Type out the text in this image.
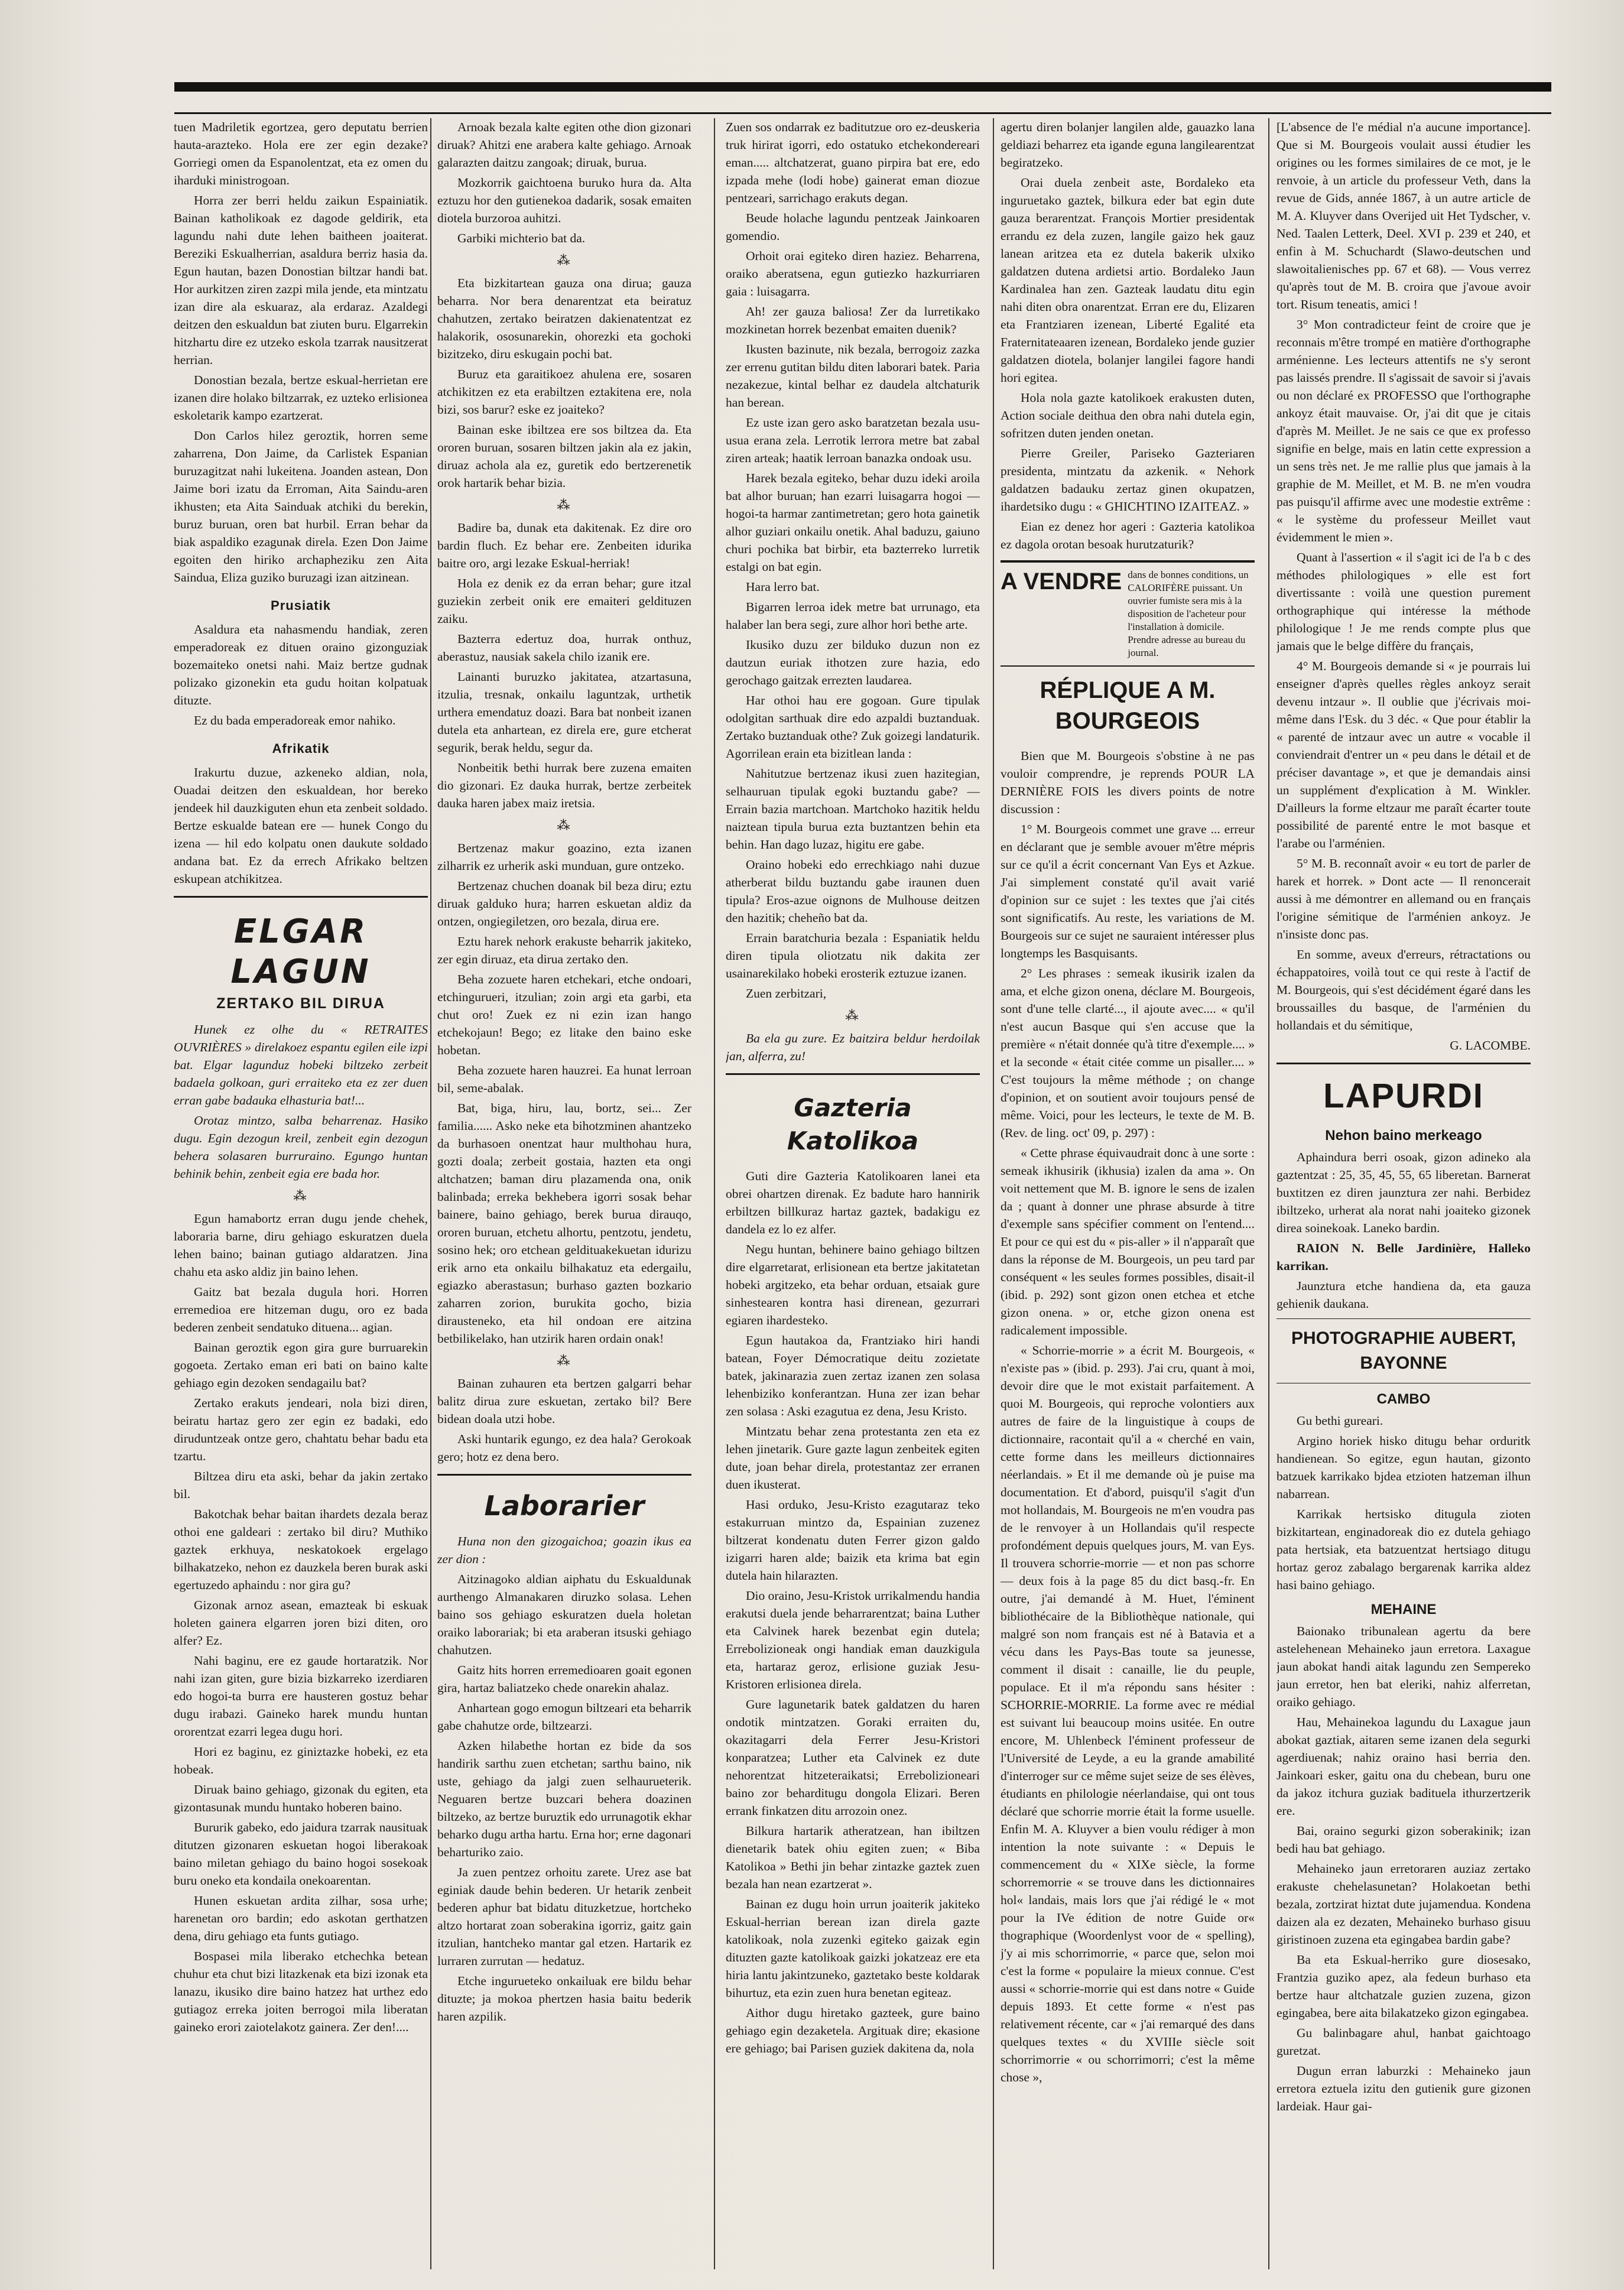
tuen Madriletik egortzea, gero deputatu berrien hauta-arazteko. Hola ere zer egin dezake? Gorriegi omen da Espanolentzat, eta ez omen du iharduki ministrogoan.

Horra zer berri heldu zaikun Espainiatik. Bainan katholikoak ez dagode geldirik, eta lagundu nahi dute lehen baitheen joaiterat. Bereziki Eskualherrian, asaldura berriz hasia da. Egun hautan, bazen Donostian biltzar handi bat. Hor aurkitzen ziren zazpi mila jende, eta mintzatu izan dire ala eskuaraz, ala erdaraz. Azaldegi deitzen den eskualdun bat ziuten buru. Elgarrekin hitzhartu dire ez utzeko eskola tzarrak nausitzerat herrian.

Donostian bezala, bertze eskual-herrietan ere izanen dire holako biltzarrak, ez uzteko erlisionea eskoletarik kampo ezartzerat.

Don Carlos hilez geroztik, horren seme zaharrena, Don Jaime, da Carlistek Espanian buruzagitzat nahi lukeitena. Joanden astean, Don Jaime bori izatu da Erroman, Aita Saindu-aren ikhusten; eta Aita Sainduak atchiki du berekin, buruz buruan, oren bat hurbil. Erran behar da biak aspaldiko ezagunak direla. Ezen Don Jaime egoiten den hiriko archapheziku zen Aita Saindua, Eliza guziko buruzagi izan aitzinean.

Prusiatik

Asaldura eta nahasmendu handiak, zeren emperadoreak ez dituen oraino gizonguziak bozemaiteko onetsi nahi. Maiz bertze gudnak polizako gizonekin eta gudu hoitan kolpatuak dituzte.

Ez du bada emperadoreak emor nahiko.

Afrikatik

Irakurtu duzue, azkeneko aldian, nola, Ouadai deitzen den eskualdean, hor bereko jendeek hil dauzkiguten ehun eta zenbeit soldado. Bertze eskualde batean ere — hunek Congo du izena — hil edo kolpatu onen daukute soldado andana bat. Ez da errech Afrikako beltzen eskupean atchikitzea.

ELGAR LAGUN
ZERTAKO BIL DIRUA

Hunek ez olhe du « RETRAITES OUVRIÈRES » direlakoez espantu egilen eile izpi bat. Elgar lagunduz hobeki biltzeko zerbeit badaela golkoan, guri erraiteko eta ez zer duen erran gabe badauka elhasturia bat!...

Orotaz mintzo, salba beharrenaz. Hasiko dugu. Egin dezogun kreil, zenbeit egin dezogun behera solasaren burruraino. Egungo huntan behinik behin, zenbeit egia ere bada hor.

⁂

Egun hamabortz erran dugu jende chehek, laboraria barne, diru gehiago eskuratzen duela lehen baino; bainan gutiago aldaratzen. Jina chahu eta asko aldiz jin baino lehen.

Gaitz bat bezala dugula hori. Horren erremedioa ere hitzeman dugu, oro ez bada bederen zenbeit sendatuko dituena... agian.

Bainan geroztik egon gira gure burruarekin gogoeta. Zertako eman eri bati on baino kalte gehiago egin dezoken sendagailu bat?

Zertako erakuts jendeari, nola bizi diren, beiratu hartaz gero zer egin ez badaki, edo diruduntzeak ontze gero, chahtatu behar badu eta tzartu.

Biltzea diru eta aski, behar da jakin zertako bil.

Bakotchak behar baitan ihardets dezala beraz othoi ene galdeari : zertako bil diru? Muthiko gaztek erkhuya, neskatokoek ergelago bilhakatzeko, nehon ez dauzkela beren burak aski egertuzedo aphaindu : nor gira gu?

Gizonak arnoz asean, emazteak bi eskuak holeten gainera elgarren joren bizi diten, oro alfer? Ez.

Nahi baginu, ere ez gaude hortaratzik. Nor nahi izan giten, gure bizia bizkarreko izerdiaren edo hogoi-ta burra ere hausteren gostuz behar dugu irabazi. Gaineko harek mundu huntan ororentzat ezarri legea dugu hori.

Hori ez baginu, ez giniztazke hobeki, ez eta hobeak.

Diruak baino gehiago, gizonak du egiten, eta gizontasunak mundu huntako hoberen baino.

Bururik gabeko, edo jaidura tzarrak nausituak ditutzen gizonaren eskuetan hogoi liberakoak baino miletan gehiago du baino hogoi sosekoak buru oneko eta kondaila onekoarentan.

Hunen eskuetan ardita zilhar, sosa urhe; harenetan oro bardin; edo askotan gerthatzen dena, diru gehiago eta funts gutiago.

Bospasei mila liberako etchechka betean chuhur eta chut bizi litazkenak eta bizi izonak eta lanazu, ikusiko dire baino hatzez hat urthez edo gutiagoz erreka joiten berrogoi mila liberatan gaineko erori zaiotelakotz gainera. Zer den!....

Arnoak bezala kalte egiten othe dion gizonari diruak? Ahitzi ene arabera kalte gehiago. Arnoak galarazten daitzu zangoak; diruak, burua.

Mozkorrik gaichtoena buruko hura da. Alta eztuzu hor den gutienekoa dadarik, sosak emaiten diotela burzoroa auhitzi.

Garbiki michterio bat da.

⁂

Eta bizkitartean gauza ona dirua; gauza beharra. Nor bera denarentzat eta beiratuz chahutzen, zertako beiratzen dakienatentzat ez halakorik, ososunarekin, ohorezki eta gochoki bizitzeko, diru eskugain pochi bat.

Buruz eta garaitikoez ahulena ere, sosaren atchikitzen ez eta erabiltzen eztakitena ere, nola bizi, sos barur? eske ez joaiteko?

Bainan eske ibiltzea ere sos biltzea da. Eta ororen buruan, sosaren biltzen jakin ala ez jakin, diruaz achola ala ez, guretik edo bertzerenetik orok hartarik behar bizia.

⁂

Badire ba, dunak eta dakitenak. Ez dire oro bardin fluch. Ez behar ere. Zenbeiten idurika baitre oro, argi lezake Eskual-herriak!

Hola ez denik ez da erran behar; gure itzal guziekin zerbeit onik ere emaiteri geldituzen zaiku.

Bazterra edertuz doa, hurrak onthuz, aberastuz, nausiak sakela chilo izanik ere.

Lainanti buruzko jakitatea, atzartasuna, itzulia, tresnak, onkailu laguntzak, urthetik urthera emendatuz doazi. Bara bat nonbeit izanen dutela eta anhartean, ez direla ere, gure etcherat segurik, berak heldu, segur da.

Nonbeitik bethi hurrak bere zuzena emaiten dio gizonari. Ez dauka hurrak, bertze zerbeitek dauka haren jabex maiz iretsia.

⁂

Bertzenaz makur goazino, ezta izanen zilharrik ez urherik aski munduan, gure ontzeko.

Bertzenaz chuchen doanak bil beza diru; eztu diruak galduko hura; harren eskuetan aldiz da ontzen, ongiegiletzen, oro bezala, dirua ere.

Eztu harek nehork erakuste beharrik jakiteko, zer egin diruaz, eta dirua zertako den.

Beha zozuete haren etchekari, etche ondoari, etchingurueri, itzulian; zoin argi eta garbi, eta chut oro! Zuek ez ni ezin izan hango etchekojaun! Bego; ez litake den baino eske hobetan.

Beha zozuete haren hauzrei. Ea hunat lerroan bil, seme-abalak.

Bat, biga, hiru, lau, bortz, sei... Zer familia...... Asko neke eta bihotzminen ahantzeko da burhasoen onentzat haur multhohau hura, gozti doala; zerbeit gostaia, hazten eta ongi altchatzen; baman diru plazamenda ona, onik balinbada; erreka bekhebera igorri sosak behar bainere, baino gehiago, berek burua dirauqo, ororen buruan, etchetu alhortu, pentzotu, jendetu, sosino hek; oro etchean geldituakekuetan idurizu erik arno eta onkailu bilhakatuz eta edergailu, egiazko aberastasun; burhaso gazten bozkario zaharren zorion, burukita gocho, bizia dirausteneko, eta hil ondoan ere aitzina betbilikelako, han utzirik haren ordain onak!

⁂

Bainan zuhauren eta bertzen galgarri behar balitz dirua zure eskuetan, zertako bil? Bere bidean doala utzi hobe.

Aski huntarik egungo, ez dea hala? Gerokoak gero; hotz ez dena bero.

Laborarier

Huna non den gizogaichoa; goazin ikus ea zer dion :

Aitzinagoko aldian aiphatu du Eskualdunak aurthengo Almanakaren diruzko solasa. Lehen baino sos gehiago eskuratzen duela holetan oraiko laborariak; bi eta araberan itsuski gehiago chahutzen.

Gaitz hits horren erremedioaren goait egonen gira, hartaz baliatzeko chede onarekin ahalaz.

Anhartean gogo emogun biltzeari eta beharrik gabe chahutze orde, biltzearzi.

Azken hilabethe hortan ez bide da sos handirik sarthu zuen etchetan; sarthu baino, nik uste, gehiago da jalgi zuen selhaurueterik. Neguaren bertze buzcari behera doazinen biltzeko, az bertze buruztik edo urrunagotik ekhar beharko dugu artha hartu. Erna hor; erne dagonari beharturiko zaio.

Ja zuen pentzez orhoitu zarete. Urez ase bat eginiak daude behin bederen. Ur hetarik zenbeit bederen aphur bat bidatu dituzketzue, hortcheko altzo hortarat zoan soberakina igorriz, gaitz gain itzulian, hantcheko mantar gal etzen. Hartarik ez lurraren zurrutan — hedatuz.

Etche ingurueteko onkailuak ere bildu behar dituzte; ja mokoa phertzen hasia baitu bederik haren azpilik.

Zuen sos ondarrak ez baditutzue oro ez-deuskeria truk hirirat igorri, edo ostatuko etchekondereari eman..... altchatzerat, guano pirpira bat ere, edo izpada mehe (lodi hobe) gainerat eman diozue pentzeari, sarrichago erakuts degan.

Beude holache lagundu pentzeak Jainkoaren gomendio.

Orhoit orai egiteko diren haziez. Beharrena, oraiko aberatsena, egun gutiezko hazkurriaren gaia : luisagarra.

Ah! zer gauza baliosa! Zer da lurretikako mozkinetan horrek bezenbat emaiten duenik?

Ikusten bazinute, nik bezala, berrogoiz zazka zer errenu gutitan bildu diten laborari batek. Paria nezakezue, kintal belhar ez daudela altchaturik han berean.

Ez uste izan gero asko baratzetan bezala usu-usua erana zela. Lerrotik lerrora metre bat zabal ziren arteak; haatik lerroan banazka ondoak usu.

Harek bezala egiteko, behar duzu ideki aroila bat alhor buruan; han ezarri luisagarra hogoi — hogoi-ta harmar zantimetretan; gero hota gainetik alhor guziari onkailu onetik. Ahal baduzu, gaiuno churi pochika bat birbir, eta bazterreko lurretik estalgi on bat egin.

Hara lerro bat.

Bigarren lerroa idek metre bat urrunago, eta halaber lan bera segi, zure alhor hori bethe arte.

Ikusiko duzu zer bilduko duzun non ez dautzun euriak ithotzen zure hazia, edo gerochago gaitzak errezten laudarea.

Har othoi hau ere gogoan. Gure tipulak odolgitan sarthuak dire edo azpaldi buztanduak. Zertako buztanduak othe? Zuk goizegi landaturik. Agorrilean erain eta bizitlean landa :

Nahitutzue bertzenaz ikusi zuen hazitegian, selhauruan tipulak egoki buztandu gabe? — Errain bazia martchoan. Martchoko hazitik heldu naiztean tipula burua ezta buztantzen behin eta behin. Han dago luzaz, higitu ere gabe.

Oraino hobeki edo errechkiago nahi duzue atherberat bildu buztandu gabe iraunen duen tipula? Eros-azue oignons de Mulhouse deitzen den hazitik; cheheño bat da.

Errain baratchuria bezala : Espaniatik heldu diren tipula oliotzatu nik dakita zer usainarekilako hobeki erosterik eztuzue izanen.

Zuen zerbitzari,

⁂

Ba ela gu zure. Ez baitzira beldur herdoilak jan, alferra, zu!

Gazteria Katolikoa

Guti dire Gazteria Katolikoaren lanei eta obrei ohartzen direnak. Ez badute haro hannirik erbiltzen billkuraz hartaz gaztek, badakigu ez dandela ez lo ez alfer.

Negu huntan, behinere baino gehiago biltzen dire elgarretarat, erlisionean eta bertze jakitatetan hobeki argitzeko, eta behar orduan, etsaiak gure sinhestearen kontra hasi direnean, gezurrari egiaren ihardesteko.

Egun hautakoa da, Frantziako hiri handi batean, Foyer Démocratique deitu zozietate batek, jakinarazia zuen zertaz izanen zen solasa lehenbiziko konferantzan. Huna zer izan behar zen solasa : Aski ezagutua ez dena, Jesu Kristo.

Mintzatu behar zena protestanta zen eta ez lehen jinetarik. Gure gazte lagun zenbeitek egiten dute, joan behar direla, protestantaz zer erranen duen ikusterat.

Hasi orduko, Jesu-Kristo ezagutaraz teko estakurruan mintzo da, Espainian zuzenez biltzerat kondenatu duten Ferrer gizon galdo izigarri haren alde; baizik eta krima bat egin dutela hain hilarazten.

Dio oraino, Jesu-Kristok urrikalmendu handia erakutsi duela jende beharrarentzat; baina Luther eta Calvinek harek bezenbat egin dutela; Errebolizioneak ongi handiak eman dauzkigula eta, hartaraz geroz, erlisione guziak Jesu-Kristoren erlisionea direla.

Gure lagunetarik batek galdatzen du haren ondotik mintzatzen. Goraki erraiten du, okazitagarri dela Ferrer Jesu-Kristori konparatzea; Luther eta Calvinek ez dute nehorentzat hitzeteraikatsi; Errebolizioneari baino zor beharditugu dongola Elizari. Beren errank finkatzen ditu arrozoin onez.

Bilkura hartarik atheratzean, han ibiltzen dienetarik batek ohiu egiten zuen; « Biba Katolikoa » Bethi jin behar zintazke gaztek zuen bezala han nean ezartzerat ».

Bainan ez dugu hoin urrun joaiterik jakiteko Eskual-herrian berean izan direla gazte katolikoak, nola zuzenki egiteko gaizak egin dituzten gazte katolikoak gaizki jokatzeaz ere eta hiria lantu jakintzuneko, gaztetako beste koldarak bihurtuz, eta ezin zuen hura benetan egiteaz.

Aithor dugu hiretako gazteek, gure baino gehiago egin dezaketela. Argituak dire; ekasione ere gehiago; bai Parisen guziek dakitena da, nola

agertu diren bolanjer langilen alde, gauazko lana geldiazi beharrez eta igande eguna langilearentzat begiratzeko.

Orai duela zenbeit aste, Bordaleko eta inguruetako gaztek, bilkura eder bat egin dute gauza berarentzat. François Mortier presidentak errandu ez dela zuzen, langile gaizo hek gauz lanean aritzea eta ez dutela bakerik ulxiko galdatzen dutena ardietsi artio. Bordaleko Jaun Kardinalea han zen. Gazteak laudatu ditu egin nahi diten obra onarentzat. Erran ere du, Elizaren eta Frantziaren izenean, Liberté Egalité eta Fraternitateaaren izenean, Bordaleko jende guzier galdatzen diotela, bolanjer langilei fagore handi hori egitea.

Hola nola gazte katolikoek erakusten duten, Action sociale deithua den obra nahi dutela egin, sofritzen duten jenden onetan.

Pierre Greiler, Pariseko Gazteriaren presidenta, mintzatu da azkenik. « Nehork galdatzen badauku zertaz ginen okupatzen, ihardetsiko dugu : « GHICHTINO IZAITEAZ. »

Eian ez denez hor ageri : Gazteria katolikoa ez dagola orotan besoak hurutzaturik?

A VENDRE dans de bonnes conditions, un CALORIFÈRE puissant. Un ouvrier fumiste sera mis à la disposition de l'acheteur pour l'installation à domicile. Prendre adresse au bureau du journal.
RÉPLIQUE A M. BOURGEOIS

Bien que M. Bourgeois s'obstine à ne pas vouloir comprendre, je reprends POUR LA DERNIÈRE FOIS les divers points de notre discussion :

1° M. Bourgeois commet une grave ... erreur en déclarant que je semble avouer m'être mépris sur ce qu'il a écrit concernant Van Eys et Azkue. J'ai simplement constaté qu'il avait varié d'opinion sur ce sujet : les textes que j'ai cités sont significatifs. Au reste, les variations de M. Bourgeois sur ce sujet ne sauraient intéresser plus longtemps les Basquisants.

2° Les phrases : semeak ikusirik izalen da ama, et elche gizon onena, déclare M. Bourgeois, sont d'une telle clarté..., il ajoute avec.... « qu'il n'est aucun Basque qui s'en accuse que la première « n'était donnée qu'à titre d'exemple.... » et la seconde « était citée comme un pisaller.... » C'est toujours la même méthode ; on change d'opinion, et on soutient avoir toujours pensé de même. Voici, pour les lecteurs, le texte de M. B. (Rev. de ling. oct' 09, p. 297) :

« Cette phrase équivaudrait donc à une sorte : semeak ikhusirik (ikhusia) izalen da ama ». On voit nettement que M. B. ignore le sens de izalen da ; quant à donner une phrase absurde à titre d'exemple sans spécifier comment on l'entend.... Et pour ce qui est du « pis-aller » il n'apparaît que dans la réponse de M. Bourgeois, un peu tard par conséquent « les seules formes possibles, disait-il (ibid. p. 292) sont gizon onen etchea et etche gizon onena. » or, etche gizon onena est radicalement impossible.

« Schorrie-morrie » a écrit M. Bourgeois, « n'existe pas » (ibid. p. 293). J'ai cru, quant à moi, devoir dire que le mot existait parfaitement. A quoi M. Bourgeois, qui reproche volontiers aux autres de faire de la linguistique à coups de dictionnaire, racontait qu'il a « cherché en vain, cette forme dans les meilleurs dictionnaires néerlandais. » Et il me demande où je puise ma documentation. Et d'abord, puisqu'il s'agit d'un mot hollandais, M. Bourgeois ne m'en voudra pas de le renvoyer à un Hollandais qu'il respecte profondément depuis quelques jours, M. van Eys. Il trouvera schorrie-morrie — et non pas schorre — deux fois à la page 85 du dict basq.-fr. En outre, j'ai demandé à M. Huet, l'éminent bibliothécaire de la Bibliothèque nationale, qui malgré son nom français est né à Batavia et a vécu dans les Pays-Bas toute sa jeunesse, comment il disait : canaille, lie du peuple, populace. Et il m'a répondu sans hésiter : SCHORRIE-MORRIE. La forme avec re médial est suivant lui beaucoup moins usitée. En outre encore, M. Uhlenbeck l'éminent professeur de l'Université de Leyde, a eu la grande amabilité d'interroger sur ce même sujet seize de ses élèves, étudiants en philologie néerlandaise, qui ont tous déclaré que schorrie morrie était la forme usuelle. Enfin M. A. Kluyver a bien voulu rédiger à mon intention la note suivante : « Depuis le commencement du « XIXe siècle, la forme schorremorrie « se trouve dans les dictionnaires hol« landais, mais lors que j'ai rédigé le « mot pour la IVe édition de notre Guide or« thographique (Woordenlyst voor de « spelling), j'y ai mis schorrimorrie, « parce que, selon moi c'est la forme « populaire la mieux connue. C'est aussi « schorrie-morrie qui est dans notre « Guide depuis 1893. Et cette forme « n'est pas relativement récente, car « j'ai remarqué des dans quelques textes « du XVIIIe siècle soit schorrimorrie « ou schorrimorri; c'est la même chose »,

[L'absence de l'e médial n'a aucune importance]. Que si M. Bourgeois voulait aussi étudier les origines ou les formes similaires de ce mot, je le renvoie, à un article du professeur Veth, dans la revue de Gids, année 1867, à un autre article de M. A. Kluyver dans Overijed uit Het Tydscher, v. Ned. Taalen Letterk, Deel. XVI p. 239 et 240, et enfin à M. Schuchardt (Slawo-deutschen und slawoitalienisches pp. 67 et 68). — Vous verrez qu'après tout de M. B. croira que j'avoue avoir tort. Risum teneatis, amici !

3° Mon contradicteur feint de croire que je reconnais m'être trompé en matière d'orthographe arménienne. Les lecteurs attentifs ne s'y seront pas laissés prendre. Il s'agissait de savoir si j'avais ou non déclaré ex PROFESSO que l'orthographe ankoyz était mauvaise. Or, j'ai dit que je citais d'après M. Meillet. Je ne sais ce que ex professo signifie en belge, mais en latin cette expression a un sens très net. Je me rallie plus que jamais à la graphie de M. Meillet, et M. B. ne m'en voudra pas puisqu'il affirme avec une modestie extrême : « le système du professeur Meillet vaut évidemment le mien ».

Quant à l'assertion « il s'agit ici de l'a b c des méthodes philologiques » elle est fort divertissante : voilà une question purement orthographique qui intéresse la méthode philologique ! Je me rends compte plus que jamais que le belge diffère du français,

4° M. Bourgeois demande si « je pourrais lui enseigner d'après quelles règles ankoyz serait devenu intzaur ». Il oublie que j'écrivais moi-même dans l'Esk. du 3 déc. « Que pour établir la « parenté de intzaur avec un autre « vocable il conviendrait d'entrer un « peu dans le détail et de préciser davantage », et que je demandais ainsi un supplément d'explication à M. Winkler. D'ailleurs la forme eltzaur me paraît écarter toute possibilité de parenté entre le mot basque et l'arabe ou l'arménien.

5° M. B. reconnaît avoir « eu tort de parler de harek et horrek. » Dont acte — Il renoncerait aussi à me démontrer en allemand ou en français l'origine sémitique de l'arménien ankoyz. Je n'insiste donc pas.

En somme, aveux d'erreurs, rétractations ou échappatoires, voilà tout ce qui reste à l'actif de M. Bourgeois, qui s'est décidément égaré dans les broussailles du basque, de l'arménien du hollandais et du sémitique,

G. LACOMBE.

LAPURDI
Nehon baino merkeago

Aphaindura berri osoak, gizon adineko ala gaztentzat : 25, 35, 45, 55, 65 liberetan. Barnerat buxtitzen ez diren jaunztura zer nahi. Berbidez ibiltzeko, urherat ala norat nahi joaiteko gizonek direa soinekoak. Laneko bardin.

RAION N. Belle Jardinière, Halleko karrikan.

Jaunztura etche handiena da, eta gauza gehienik daukana.

PHOTOGRAPHIE AUBERT, BAYONNE
CAMBO

Gu bethi gureari.

Argino horiek hisko ditugu behar orduritk handienean. So egitze, egun hautan, gizonto batzuek karrikako bjdea etzioten hatzeman ilhun nabarrean.

Karrikak hertsisko ditugula zioten bizkitartean, enginadoreak dio ez dutela gehiago pata hertsiak, eta batzuentzat hertsiago ditugu hortaz geroz zabalago bergarenak karrika aldez hasi baino gehiago.

MEHAINE

Baionako tribunalean agertu da bere astelehenean Mehaineko jaun erretora. Laxague jaun abokat handi aitak lagundu zen Sempereko jaun erretor, hen bat eleriki, nahiz alferretan, oraiko gehiago.

Hau, Mehainekoa lagundu du Laxague jaun abokat gaztiak, aitaren seme izanen dela segurki agerdiuenak; nahiz oraino hasi berria den. Jainkoari esker, gaitu ona du chebean, buru one da jakoz itchura guziak badituela ithurzertzerik ere.

Bai, oraino segurki gizon soberakinik; izan bedi hau bat gehiago.

Mehaineko jaun erretoraren auziaz zertako erakuste chehelasunetan? Holakoetan bethi bezala, zortzirat hiztat dute jujamendua. Kondena daizen ala ez dezaten, Mehaineko burhaso gisuu giristinoen zuzena eta egingabea bardin gabe?

Ba eta Eskual-herriko gure diosesako, Frantzia guziko apez, ala fedeun burhaso eta bertze haur altchatzale guzien zuzena, gizon egingabea, bere aita bilakatzeko gizon egingabea.

Gu balinbagare ahul, hanbat gaichtoago guretzat.

Dugun erran laburzki : Mehaineko jaun erretora eztuela izitu den gutienik gure gizonen lardeiak. Haur gai-
